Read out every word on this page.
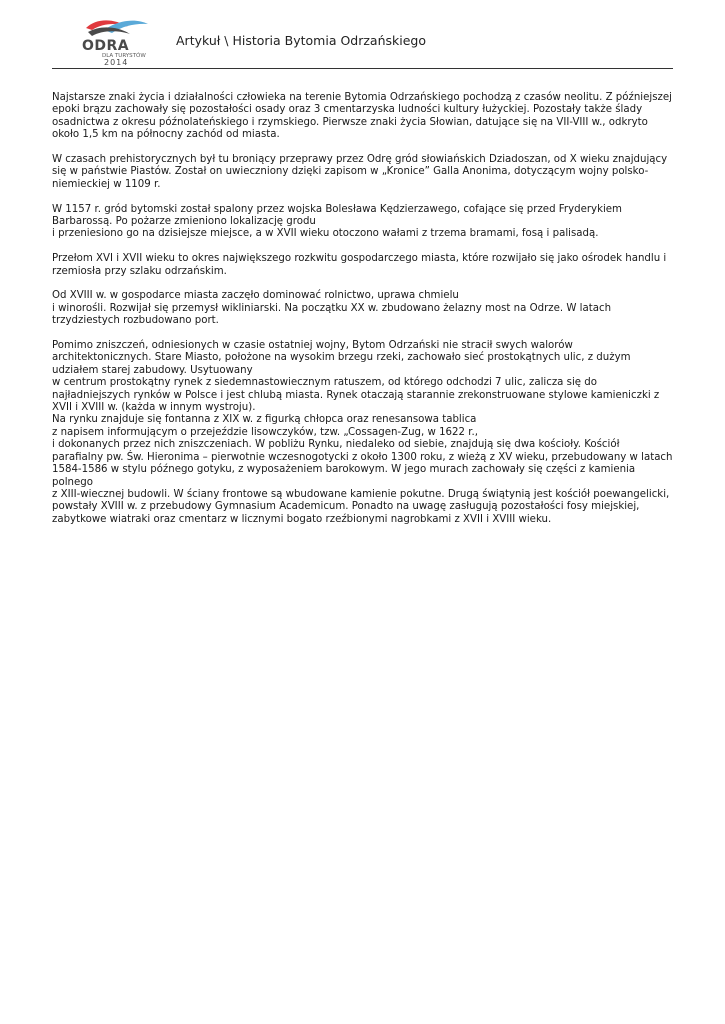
ODRA
DLA TURYSTÓW
2014
Artykuł \ Historia Bytomia Odrzańskiego

Najstarsze znaki życia i działalności człowieka na terenie Bytomia Odrzańskiego pochodzą z czasów neolitu. Z późniejszej epoki brązu zachowały się pozostałości osady oraz 3 cmentarzyska ludności kultury łużyckiej. Pozostały także ślady osadnictwa z okresu późnolateńskiego i rzymskiego. Pierwsze znaki życia Słowian, datujące się na VII-VIII w., odkryto około 1,5 km na północny zachód od miasta.

W czasach prehistorycznych był tu broniący przeprawy przez Odrę gród słowiańskich Dziadoszan, od X wieku znajdujący się w państwie Piastów. Został on uwieczniony dzięki zapisom w „Kronice” Galla Anonima, dotyczącym wojny polsko-niemieckiej w 1109 r.

W 1157 r. gród bytomski został spalony przez wojska Bolesława Kędzierzawego, cofające się przed Fryderykiem Barbarossą. Po pożarze zmieniono lokalizację grodu
i przeniesiono go na dzisiejsze miejsce, a w XVII wieku otoczono wałami z trzema bramami, fosą i palisadą.

Przełom XVI i XVII wieku to okres największego rozkwitu gospodarczego miasta, które rozwijało się jako ośrodek handlu i rzemiosła przy szlaku odrzańskim.

Od XVIII w. w gospodarce miasta zaczęło dominować rolnictwo, uprawa chmielu
i winorośli. Rozwijał się przemysł wikliniarski. Na początku XX w. zbudowano żelazny most na Odrze. W latach trzydziestych rozbudowano port.

Pomimo zniszczeń, odniesionych w czasie ostatniej wojny, Bytom Odrzański nie stracił swych walorów architektonicznych. Stare Miasto, położone na wysokim brzegu rzeki, zachowało sieć prostokątnych ulic, z dużym udziałem starej zabudowy. Usytuowany
w centrum prostokątny rynek z siedemnastowiecznym ratuszem, od którego odchodzi 7 ulic, zalicza się do najładniejszych rynków w Polsce i jest chlubą miasta. Rynek otaczają starannie zrekonstruowane stylowe kamieniczki z XVII i XVIII w. (każda w innym wystroju).
Na rynku znajduje się fontanna z XIX w. z figurką chłopca oraz renesansowa tablica
z napisem informującym o przejeździe lisowczyków, tzw. „Cossagen-Zug, w 1622 r.,
i dokonanych przez nich zniszczeniach. W pobliżu Rynku, niedaleko od siebie, znajdują się dwa kościoły. Kościół parafialny pw. Św. Hieronima – pierwotnie wczesnogotycki z około 1300 roku, z wieżą z XV wieku, przebudowany w latach 1584-1586 w stylu późnego gotyku, z wyposażeniem barokowym. W jego murach zachowały się części z kamienia polnego
z XIII-wiecznej budowli. W ściany frontowe są wbudowane kamienie pokutne. Drugą świątynią jest kościół poewangelicki, powstały XVIII w. z przebudowy Gymnasium Academicum. Ponadto na uwagę zasługują pozostałości fosy miejskiej, zabytkowe wiatraki oraz cmentarz w licznymi bogato rzeźbionymi nagrobkami z XVII i XVIII wieku.
